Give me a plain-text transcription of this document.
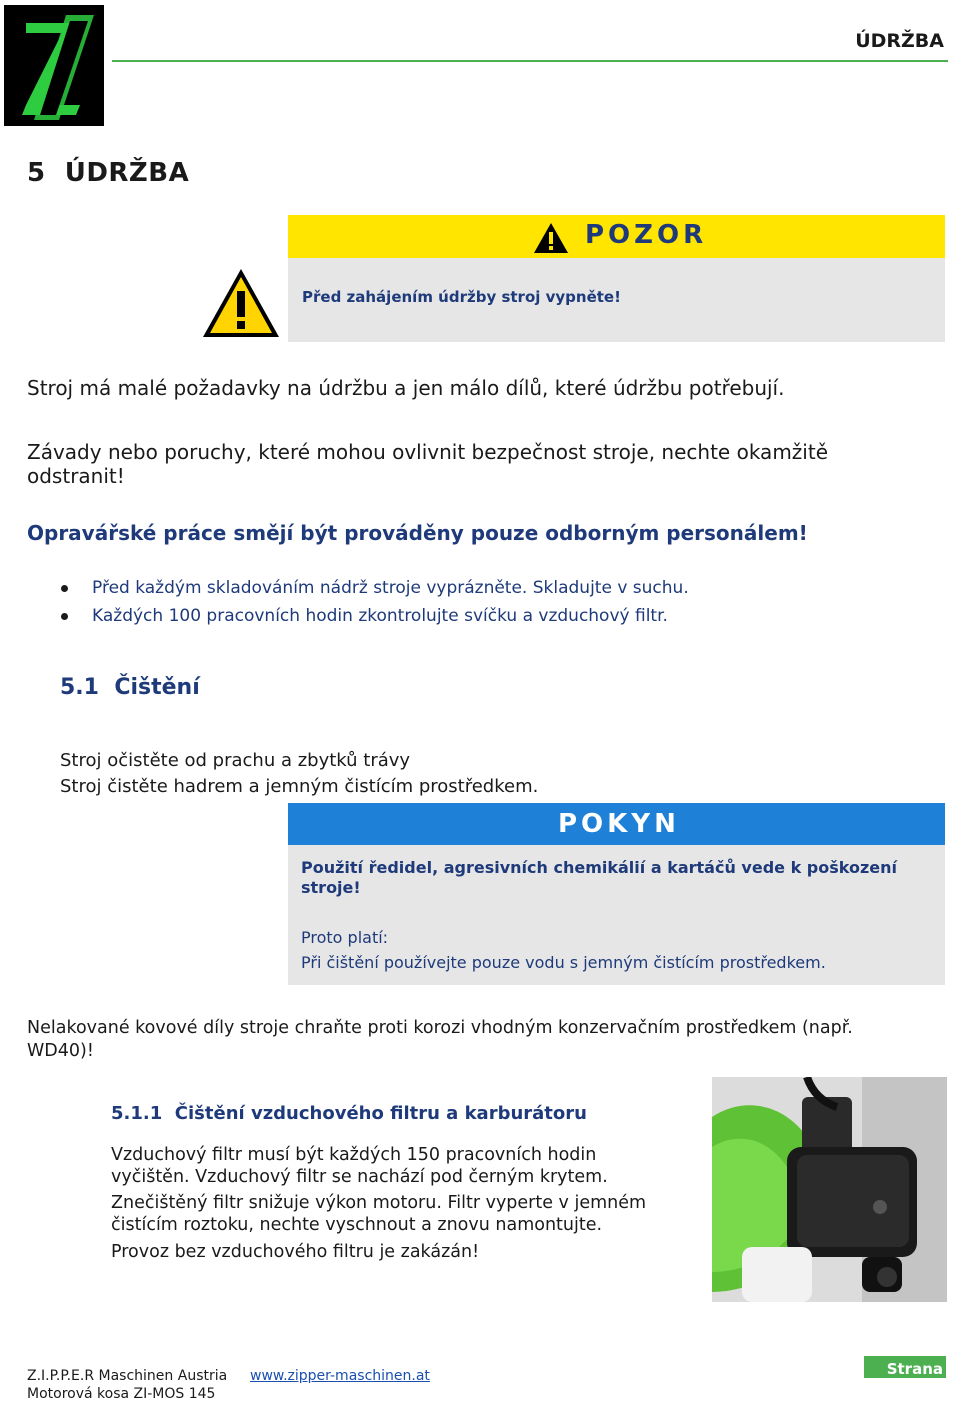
ÚDRŽBA
5 ÚDRŽBA
POZOR
Před zahájením údržby stroj vypněte!
Stroj má malé požadavky na údržbu a jen málo dílů, které údržbu potřebují.
Závady nebo poruchy, které mohou ovlivnit bezpečnost stroje, nechte okamžitě
odstranit!
Opravářské práce smějí být prováděny pouze odborným personálem!
Před každým skladováním nádrž stroje vyprázněte. Skladujte v suchu.
Každých 100 pracovních hodin zkontrolujte svíčku a vzduchový filtr.
5.1 Čištění
Stroj očistěte od prachu a zbytků trávy
Stroj čistěte hadrem a jemným čistícím prostředkem.
POKYN
Použití ředidel, agresivních chemikálií a kartáčů vede k poškození stroje!
Proto platí:
Při čištění používejte pouze vodu s jemným čistícím prostředkem.
Nelakované kovové díly stroje chraňte proti korozi vhodným konzervačním prostředkem (např.
WD40)!
5.1.1 Čištění vzduchového filtru a karburátoru
Vzduchový filtr musí být každých 150 pracovních hodin
vyčištěn. Vzduchový filtr se nachází pod černým krytem.
Znečištěný filtr snižuje výkon motoru. Filtr vyperte v jemném
čistícím roztoku, nechte vyschnout a znovu namontujte.
Provoz bez vzduchového filtru je zakázán!
Z.I.P.P.E.R Maschinen Austria www.zipper-maschinen.at	Strana 11
Motorová kosa ZI-MOS 145
